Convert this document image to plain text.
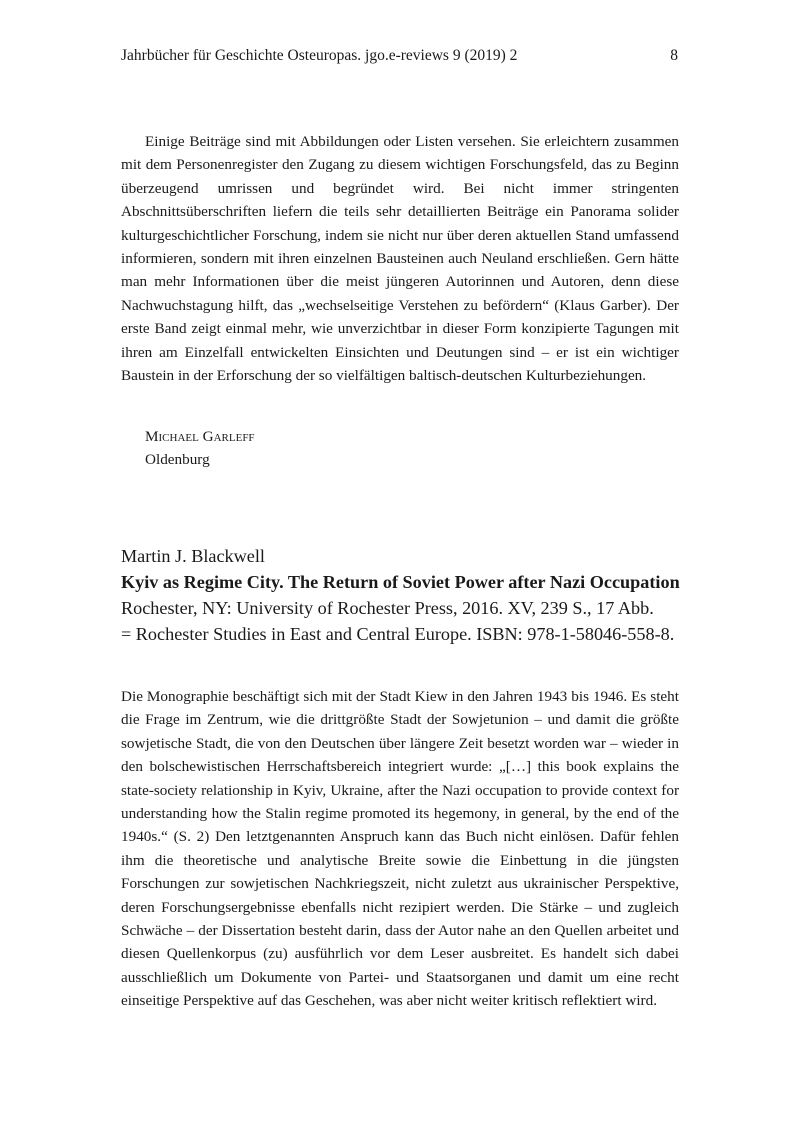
Jahrbücher für Geschichte Osteuropas. jgo.e-reviews 9 (2019) 2	8

Einige Beiträge sind mit Abbildungen oder Listen versehen. Sie erleichtern zusammen mit dem Personenregister den Zugang zu diesem wichtigen Forschungsfeld, das zu Beginn überzeugend umrissen und begründet wird. Bei nicht immer stringenten Abschnittsüberschriften liefern die teils sehr detaillierten Beiträge ein Panorama solider kulturgeschichtlicher Forschung, indem sie nicht nur über deren aktuellen Stand umfassend informieren, sondern mit ihren einzelnen Bausteinen auch Neuland erschließen. Gern hätte man mehr Informationen über die meist jüngeren Autorinnen und Autoren, denn diese Nachwuchstagung hilft, das „wechselseitige Verstehen zu befördern“ (Klaus Garber). Der erste Band zeigt einmal mehr, wie unverzichtbar in dieser Form konzipierte Tagungen mit ihren am Einzelfall entwickelten Einsichten und Deutungen sind – er ist ein wichtiger Baustein in der Erforschung der so vielfältigen baltisch-deutschen Kulturbeziehungen.

Michael Garleff
Oldenburg
Martin J. Blackwell
Kyiv as Regime City. The Return of Soviet Power after Nazi Occupation
Rochester, NY: University of Rochester Press, 2016. XV, 239 S., 17 Abb.
= Rochester Studies in East and Central Europe. ISBN: 978-1-58046-558-8.

Die Monographie beschäftigt sich mit der Stadt Kiew in den Jahren 1943 bis 1946. Es steht die Frage im Zentrum, wie die drittgrößte Stadt der Sowjetunion – und damit die größte sowjetische Stadt, die von den Deutschen über längere Zeit besetzt worden war – wieder in den bolschewistischen Herrschaftsbereich integriert wurde: „[…] this book explains the state-society relationship in Kyiv, Ukraine, after the Nazi occupation to provide context for understanding how the Stalin regime promoted its hegemony, in general, by the end of the 1940s.“ (S. 2) Den letztgenannten Anspruch kann das Buch nicht einlösen. Dafür fehlen ihm die theoretische und analytische Breite sowie die Einbettung in die jüngsten Forschungen zur sowjetischen Nachkriegszeit, nicht zuletzt aus ukrainischer Perspektive, deren Forschungsergebnisse ebenfalls nicht rezipiert werden. Die Stärke – und zugleich Schwäche – der Dissertation besteht darin, dass der Autor nahe an den Quellen arbeitet und diesen Quellenkorpus (zu) ausführlich vor dem Leser ausbreitet. Es handelt sich dabei ausschließlich um Dokumente von Partei- und Staatsorganen und damit um eine recht einseitige Perspektive auf das Geschehen, was aber nicht weiter kritisch reflektiert wird.
